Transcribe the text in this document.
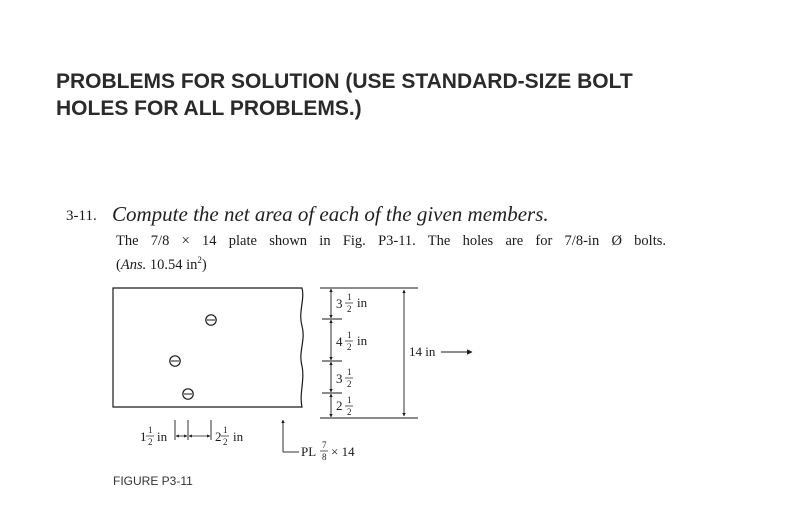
PROBLEMS FOR SOLUTION (USE STANDARD-SIZE BOLT
HOLES FOR ALL PROBLEMS.)
3-11. Compute the net area of each of the given members.
The 7/8 × 14 plate shown in Fig. P3-11. The holes are for 7/8-in Ø bolts.
(Ans. 10.54 $in^2$)
3 1
2 in
4 1
2 in
3 1
2
2 1
2
14 in
1 1
2 in	2 1
2 in
PL 7
8 × 14
FIGURE P3-11
